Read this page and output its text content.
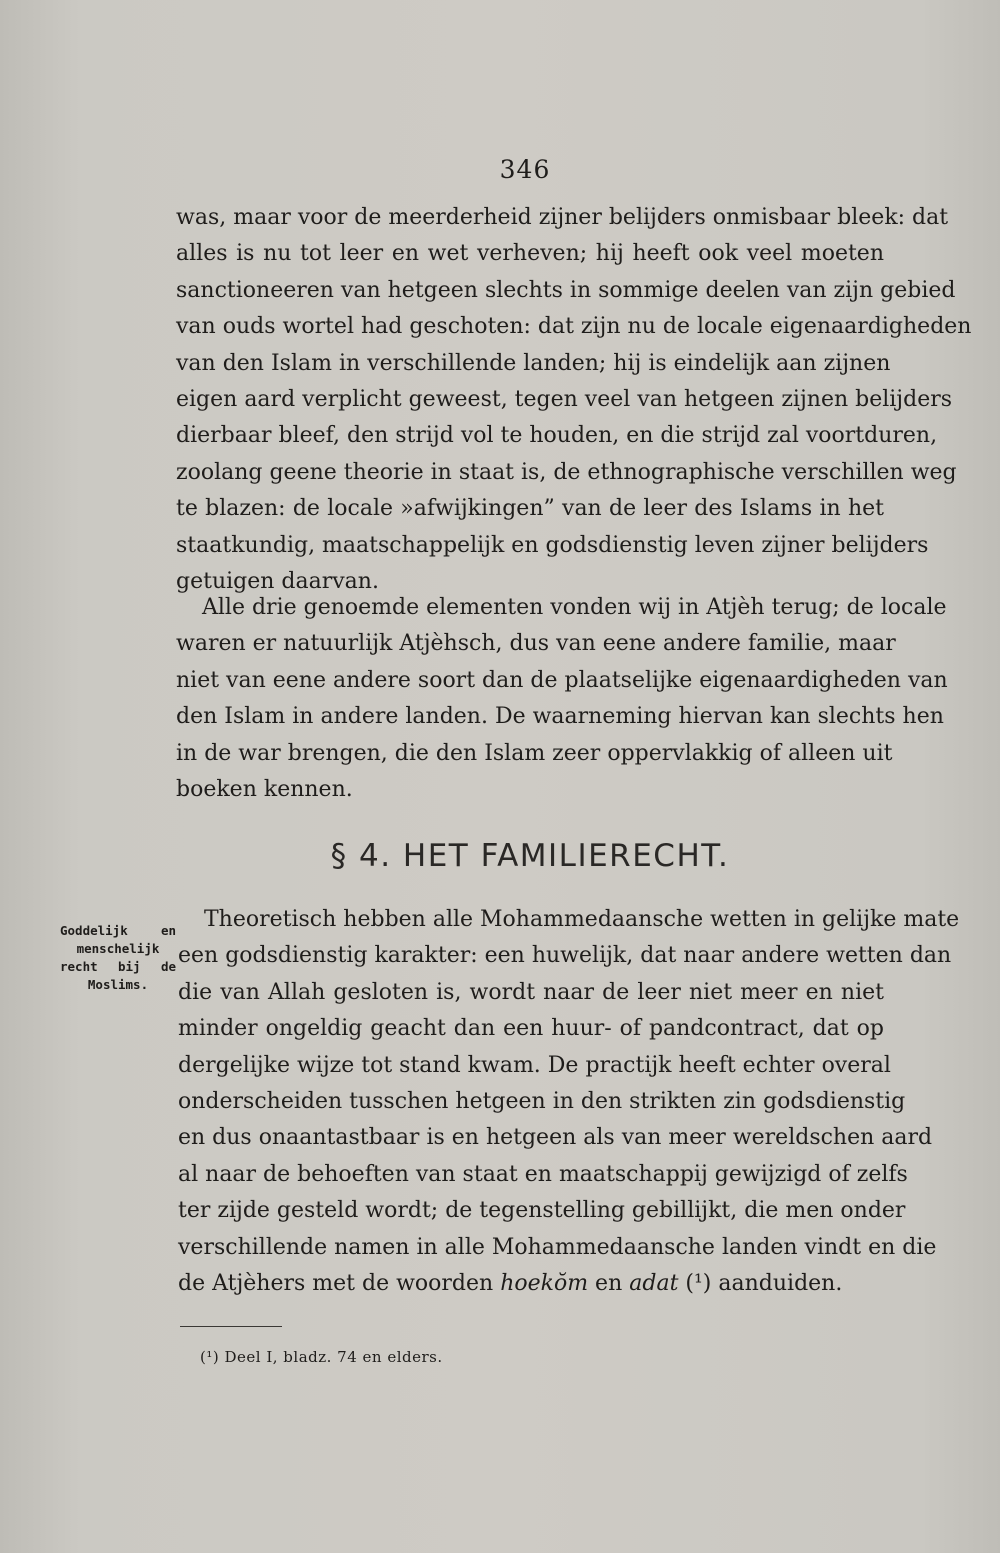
346
was, maar voor de meerderheid zijner belijders onmisbaar bleek: dat
alles is nu tot leer en wet verheven; hij heeft ook veel moeten
sanctioneeren van hetgeen slechts in sommige deelen van zijn gebied
van ouds wortel had geschoten: dat zijn nu de locale eigenaardigheden
van den Islam in verschillende landen; hij is eindelijk aan zijnen
eigen aard verplicht geweest, tegen veel van hetgeen zijnen belijders
dierbaar bleef, den strijd vol te houden, en die strijd zal voortduren,
zoolang geene theorie in staat is, de ethnographische verschillen weg
te blazen: de locale »afwijkingen” van de leer des Islams in het
staatkundig, maatschappelijk en godsdienstig leven zijner belijders
getuigen daarvan.
Alle drie genoemde elementen vonden wij in Atjèh terug; de locale
waren er natuurlijk Atjèhsch, dus van eene andere familie, maar
niet van eene andere soort dan de plaatselijke eigenaardigheden van
den Islam in andere landen. De waarneming hiervan kan slechts hen
in de war brengen, die den Islam zeer oppervlakkig of alleen uit
boeken kennen.
§ 4. HET FAMILIERECHT.
Goddelijk en
menschelijk
recht bij de
Moslims.
Theoretisch hebben alle Mohammedaansche wetten in gelijke mate
een godsdienstig karakter: een huwelijk, dat naar andere wetten dan
die van Allah gesloten is, wordt naar de leer niet meer en niet
minder ongeldig geacht dan een huur- of pandcontract, dat op
dergelijke wijze tot stand kwam. De practijk heeft echter overal
onderscheiden tusschen hetgeen in den strikten zin godsdienstig
en dus onaantastbaar is en hetgeen als van meer wereldschen aard
al naar de behoeften van staat en maatschappij gewijzigd of zelfs
ter zijde gesteld wordt; de tegenstelling gebillijkt, die men onder
verschillende namen in alle Mohammedaansche landen vindt en die
de Atjèhers met de woorden hoekŏm en adat (¹) aanduiden.
(¹) Deel I, bladz. 74 en elders.
